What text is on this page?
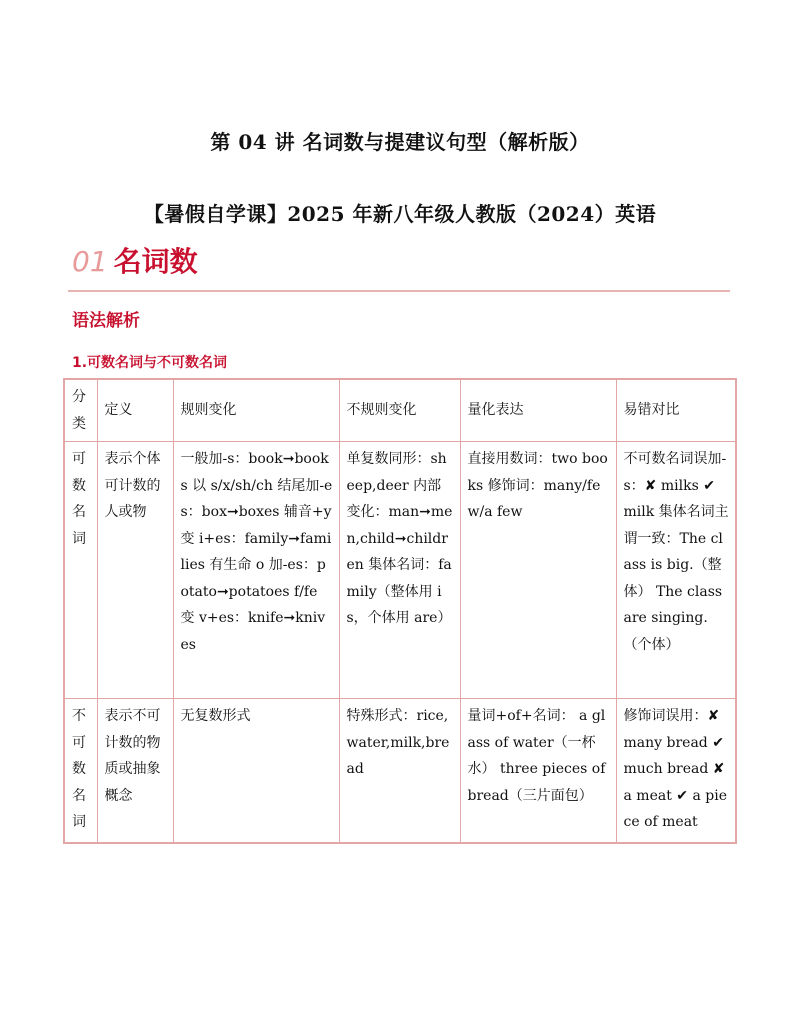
第 04 讲 名词数与提建议句型（解析版）
【暑假自学课】2025 年新八年级人教版（2024）英语
01 名词数
语法解析
1.可数名词与不可数名词
分
类	定义	规则变化	不规则变化	量化表达	易错对比

可
数
名
词	表示个体可计数的人或物	一般加-s：book➞books 以 s/x/sh/ch 结尾加-es：box➞boxes 辅音+y 变 i+es：family➞families 有生命 o 加-es：potato➞potatoes f/fe 变 v+es：knife➞knives	单复数同形：sheep,deer 内部变化：man➞men,child➞children 集体名词：family（整体用 is，个体用 are）	直接用数词：two books 修饰词：many/few/a few	不可数名词误加-s：✘ milks ✔ milk 集体名词主谓一致：The class is big.（整体） The class are singing.（个体）

不
可
数
名
词	表示不可计数的物质或抽象概念	无复数形式	特殊形式：rice,water,milk,bread	量词+of+名词： a glass of water（一杯水） three pieces of bread（三片面包）	修饰词误用：✘ many bread ✔ much bread ✘ a meat ✔ a piece of meat
